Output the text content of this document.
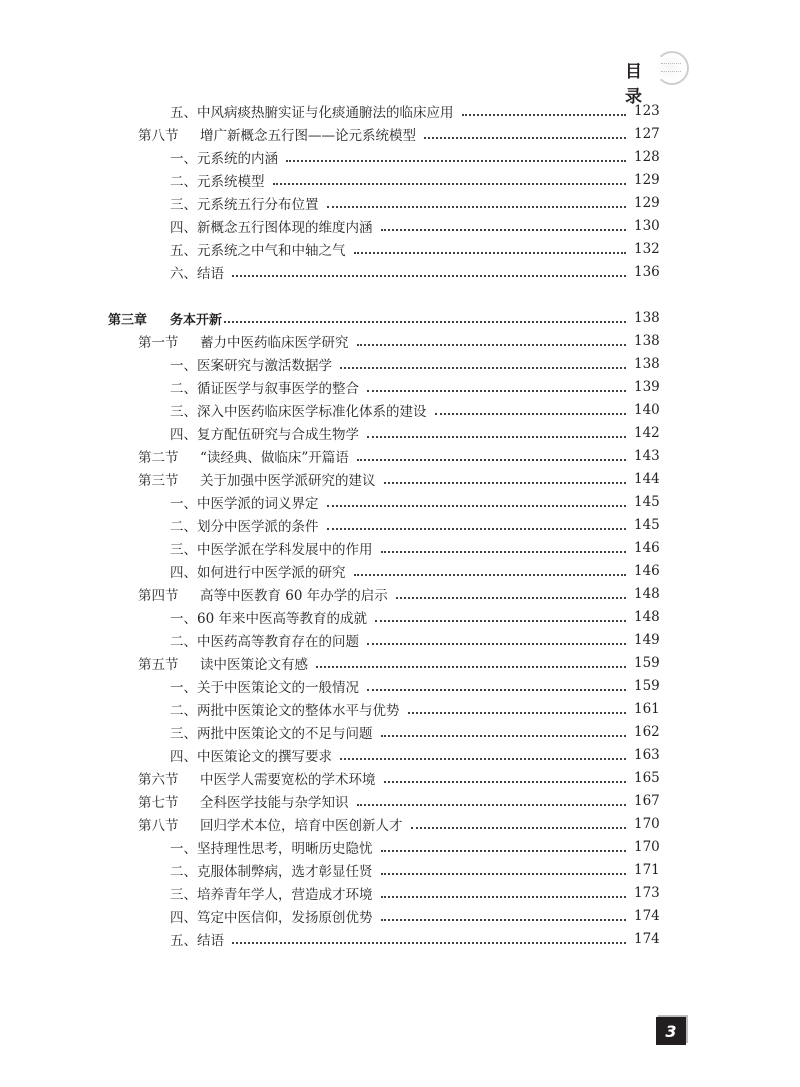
目录
五、中风病痰热腑实证与化痰通腑法的临床应用	123
第八节 增广新概念五行图——论元系统模型	127
一、元系统的内涵	128
二、元系统模型	129
三、元系统五行分布位置	129
四、新概念五行图体现的维度内涵	130
五、元系统之中气和中轴之气	132
六、结语	136
第三章 务本开新	138
第一节 蓄力中医药临床医学研究	138
一、医案研究与激活数据学	138
二、循证医学与叙事医学的整合	139
三、深入中医药临床医学标准化体系的建设	140
四、复方配伍研究与合成生物学	142
第二节 “读经典、做临床”开篇语	143
第三节 关于加强中医学派研究的建议	144
一、中医学派的词义界定	145
二、划分中医学派的条件	145
三、中医学派在学科发展中的作用	146
四、如何进行中医学派的研究	146
第四节 高等中医教育 60 年办学的启示	148
一、60 年来中医高等教育的成就	148
二、中医药高等教育存在的问题	149
第五节 读中医策论文有感	159
一、关于中医策论文的一般情况	159
二、两批中医策论文的整体水平与优势	161
三、两批中医策论文的不足与问题	162
四、中医策论文的撰写要求	163
第六节 中医学人需要宽松的学术环境	165
第七节 全科医学技能与杂学知识	167
第八节 回归学术本位，培育中医创新人才	170
一、坚持理性思考，明晰历史隐忧	170
二、克服体制弊病，选才彰显任贤	171
三、培养青年学人，营造成才环境	173
四、笃定中医信仰，发扬原创优势	174
五、结语	174
3
